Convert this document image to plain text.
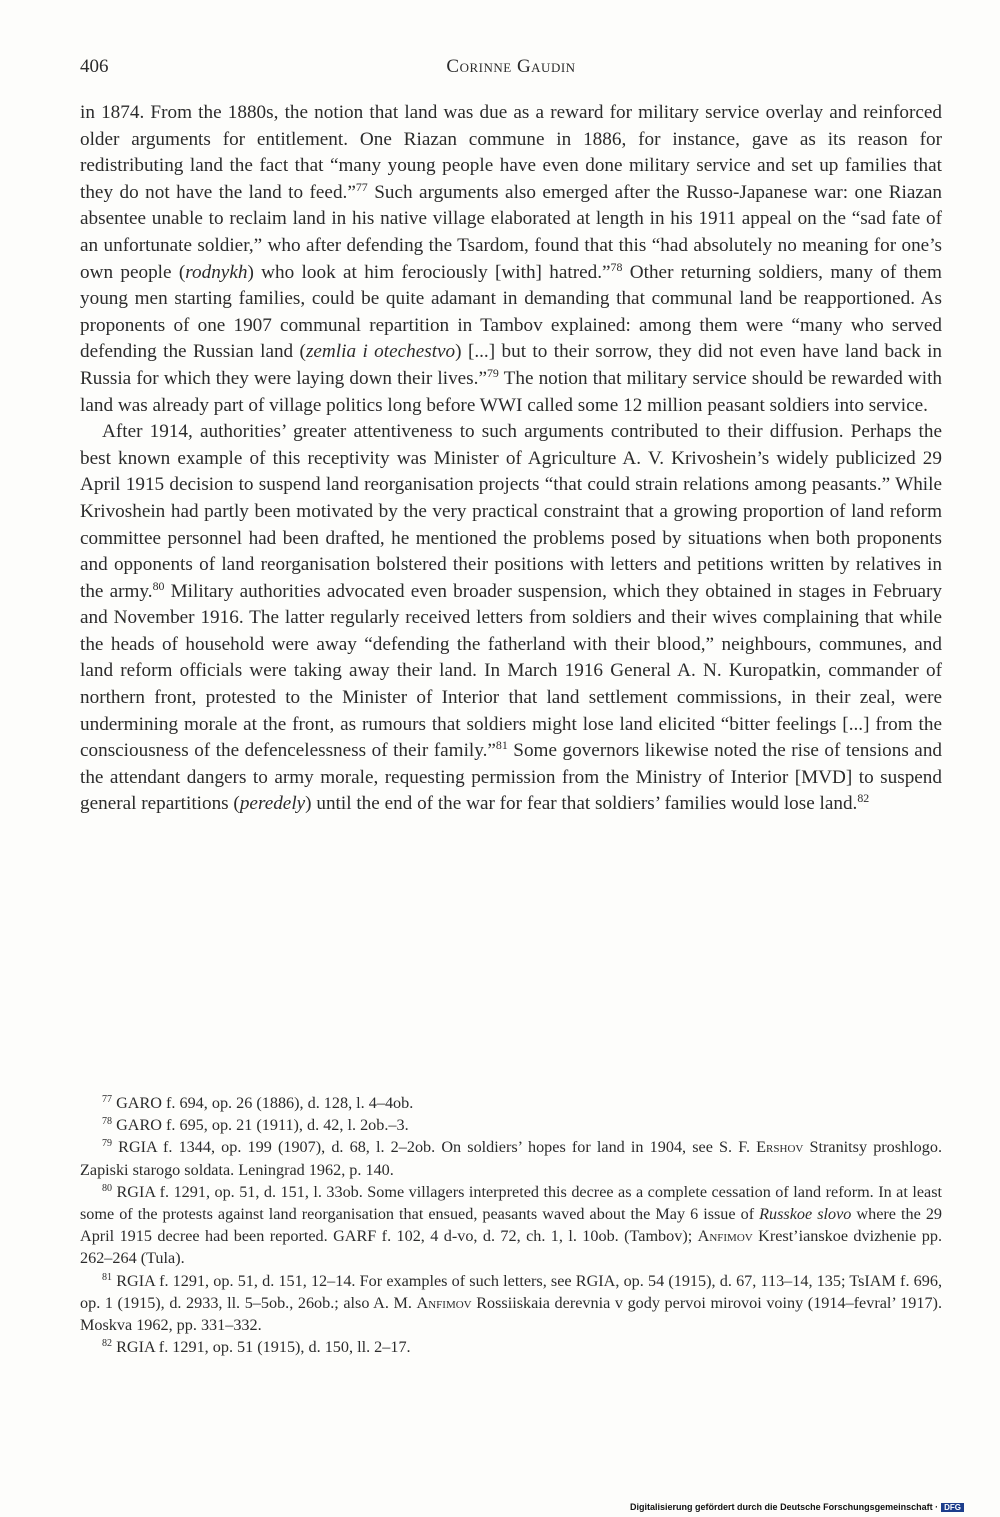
406	Corinne Gaudin

in 1874. From the 1880s, the notion that land was due as a reward for military service overlay and reinforced older arguments for entitlement. One Riazan commune in 1886, for instance, gave as its reason for redistributing land the fact that “many young people have even done military service and set up families that they do not have the land to feed.”$^{77}$ Such arguments also emerged after the Russo-Japanese war: one Riazan absentee unable to reclaim land in his native village elaborated at length in his 1911 appeal on the “sad fate of an unfortunate soldier,” who after defending the Tsardom, found that this “had absolutely no meaning for one’s own people (rodnykh) who look at him ferociously [with] hatred.”$^{78}$ Other returning soldiers, many of them young men starting families, could be quite adamant in demanding that communal land be reapportioned. As proponents of one 1907 communal repartition in Tambov explained: among them were “many who served defending the Russian land (zemlia i otechestvo) [...] but to their sorrow, they did not even have land back in Russia for which they were laying down their lives.”$^{79}$ The notion that military service should be rewarded with land was already part of village politics long before WWI called some 12 million peasant soldiers into service.

After 1914, authorities’ greater attentiveness to such arguments contributed to their diffusion. Perhaps the best known example of this receptivity was Minister of Agriculture A. V. Krivoshein’s widely publicized 29 April 1915 decision to suspend land reorganisation projects “that could strain relations among peasants.” While Krivoshein had partly been motivated by the very practical constraint that a growing proportion of land reform committee personnel had been drafted, he mentioned the problems posed by situations when both proponents and opponents of land reorganisation bolstered their positions with letters and petitions written by relatives in the army.$^{80}$ Military authorities advocated even broader suspension, which they obtained in stages in February and November 1916. The latter regularly received letters from soldiers and their wives complaining that while the heads of household were away “defending the fatherland with their blood,” neighbours, communes, and land reform officials were taking away their land. In March 1916 General A. N. Kuropatkin, commander of northern front, protested to the Minister of Interior that land settlement commissions, in their zeal, were undermining morale at the front, as rumours that soldiers might lose land elicited “bitter feelings [...] from the consciousness of the defencelessness of their family.”$^{81}$ Some governors likewise noted the rise of tensions and the attendant dangers to army morale, requesting permission from the Ministry of Interior [MVD] to suspend general repartitions (peredely) until the end of the war for fear that soldiers’ families would lose land.$^{82}$

$^{77}$ GARO f. 694, op. 26 (1886), d. 128, l. 4–4ob.

$^{78}$ GARO f. 695, op. 21 (1911), d. 42, l. 2ob.–3.

$^{79}$ RGIA f. 1344, op. 199 (1907), d. 68, l. 2–2ob. On soldiers’ hopes for land in 1904, see S. F. Ershov Stranitsy proshlogo. Zapiski starogo soldata. Leningrad 1962, p. 140.

$^{80}$ RGIA f. 1291, op. 51, d. 151, l. 33ob. Some villagers interpreted this decree as a complete cessation of land reform. In at least some of the protests against land reorganisation that ensued, peasants waved about the May 6 issue of Russkoe slovo where the 29 April 1915 decree had been reported. GARF f. 102, 4 d-vo, d. 72, ch. 1, l. 10ob. (Tambov); Anfimov Krest’ianskoe dvizhenie pp. 262–264 (Tula).

$^{81}$ RGIA f. 1291, op. 51, d. 151, 12–14. For examples of such letters, see RGIA, op. 54 (1915), d. 67, 113–14, 135; TsIAM f. 696, op. 1 (1915), d. 2933, ll. 5–5ob., 26ob.; also A. M. Anfimov Rossiiskaia derevnia v gody pervoi mirovoi voiny (1914–fevral’ 1917). Moskva 1962, pp. 331–332.

$^{82}$ RGIA f. 1291, op. 51 (1915), d. 150, ll. 2–17.

Digitalisierung gefördert durch die Deutsche Forschungsgemeinschaft · DFG
